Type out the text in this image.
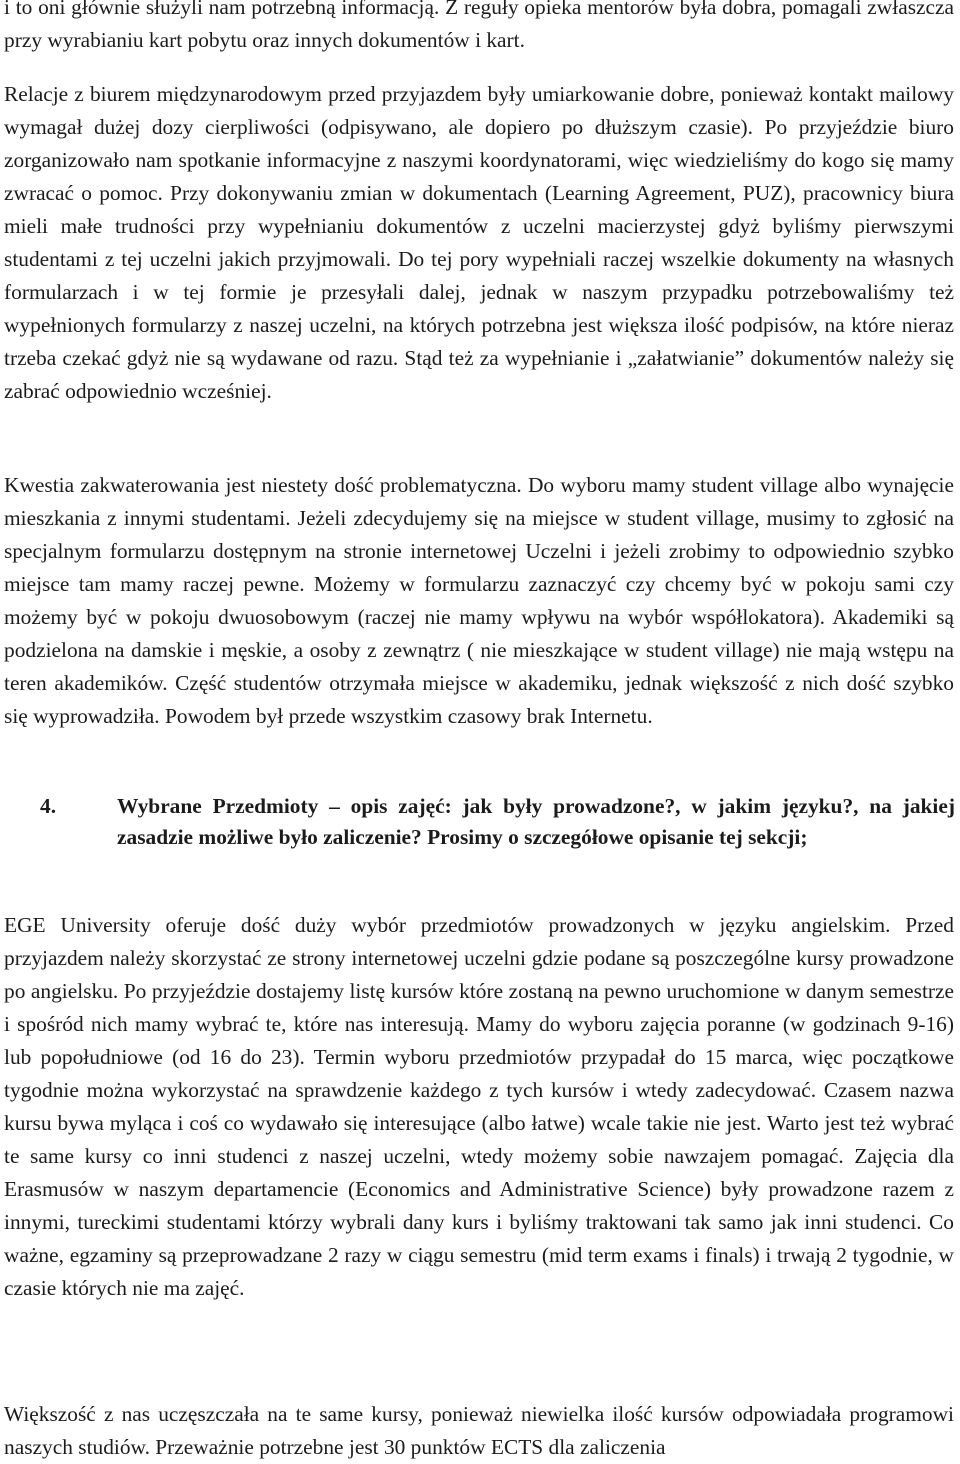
i to oni głównie służyli nam potrzebną informacją. Z reguły opieka mentorów była dobra, pomagali zwłaszcza przy wyrabianiu kart pobytu oraz innych dokumentów i kart.

Relacje z biurem międzynarodowym przed przyjazdem były umiarkowanie dobre, ponieważ kontakt mailowy wymagał dużej dozy cierpliwości (odpisywano, ale dopiero po dłuższym czasie). Po przyjeździe biuro zorganizowało nam spotkanie informacyjne z naszymi koordynatorami, więc wiedzieliśmy do kogo się mamy zwracać o pomoc. Przy dokonywaniu zmian w dokumentach (Learning Agreement, PUZ), pracownicy biura mieli małe trudności przy wypełnianiu dokumentów z uczelni macierzystej gdyż byliśmy pierwszymi studentami z tej uczelni jakich przyjmowali. Do tej pory wypełniali raczej wszelkie dokumenty na własnych formularzach i w tej formie je przesyłali dalej, jednak w naszym przypadku potrzebowaliśmy też wypełnionych formularzy z naszej uczelni, na których potrzebna jest większa ilość podpisów, na które nieraz trzeba czekać gdyż nie są wydawane od razu. Stąd też za wypełnianie i „załatwianie” dokumentów należy się zabrać odpowiednio wcześniej.

Kwestia zakwaterowania jest niestety dość problematyczna. Do wyboru mamy student village albo wynajęcie mieszkania z innymi studentami. Jeżeli zdecydujemy się na miejsce w student village, musimy to zgłosić na specjalnym formularzu dostępnym na stronie internetowej Uczelni i jeżeli zrobimy to odpowiednio szybko miejsce tam mamy raczej pewne. Możemy w formularzu zaznaczyć czy chcemy być w pokoju sami czy możemy być w pokoju dwuosobowym (raczej nie mamy wpływu na wybór współlokatora). Akademiki są podzielona na damskie i męskie, a osoby z zewnątrz ( nie mieszkające w student village) nie mają wstępu na teren akademików. Część studentów otrzymała miejsce w akademiku, jednak większość z nich dość szybko się wyprowadziła. Powodem był przede wszystkim czasowy brak Internetu.

4.	Wybrane Przedmioty – opis zajęć: jak były prowadzone?, w jakim języku?, na jakiej zasadzie możliwe było zaliczenie? Prosimy o szczegółowe opisanie tej sekcji;

EGE University oferuje dość duży wybór przedmiotów prowadzonych w języku angielskim. Przed przyjazdem należy skorzystać ze strony internetowej uczelni gdzie podane są poszczególne kursy prowadzone po angielsku. Po przyjeździe dostajemy listę kursów które zostaną na pewno uruchomione w danym semestrze i spośród nich mamy wybrać te, które nas interesują. Mamy do wyboru zajęcia poranne (w godzinach 9-16) lub popołudniowe (od 16 do 23). Termin wyboru przedmiotów przypadał do 15 marca, więc początkowe tygodnie można wykorzystać na sprawdzenie każdego z tych kursów i wtedy zadecydować. Czasem nazwa kursu bywa myląca i coś co wydawało się interesujące (albo łatwe) wcale takie nie jest. Warto jest też wybrać te same kursy co inni studenci z naszej uczelni, wtedy możemy sobie nawzajem pomagać. Zajęcia dla Erasmusów w naszym departamencie (Economics and Administrative Science) były prowadzone razem z innymi, tureckimi studentami którzy wybrali dany kurs i byliśmy traktowani tak samo jak inni studenci. Co ważne, egzaminy są przeprowadzane 2 razy w ciągu semestru (mid term exams i finals) i trwają 2 tygodnie, w czasie których nie ma zajęć.

Większość z nas uczęszczała na te same kursy, ponieważ niewielka ilość kursów odpowiadała programowi naszych studiów. Przeważnie potrzebne jest 30 punktów ECTS dla zaliczenia
